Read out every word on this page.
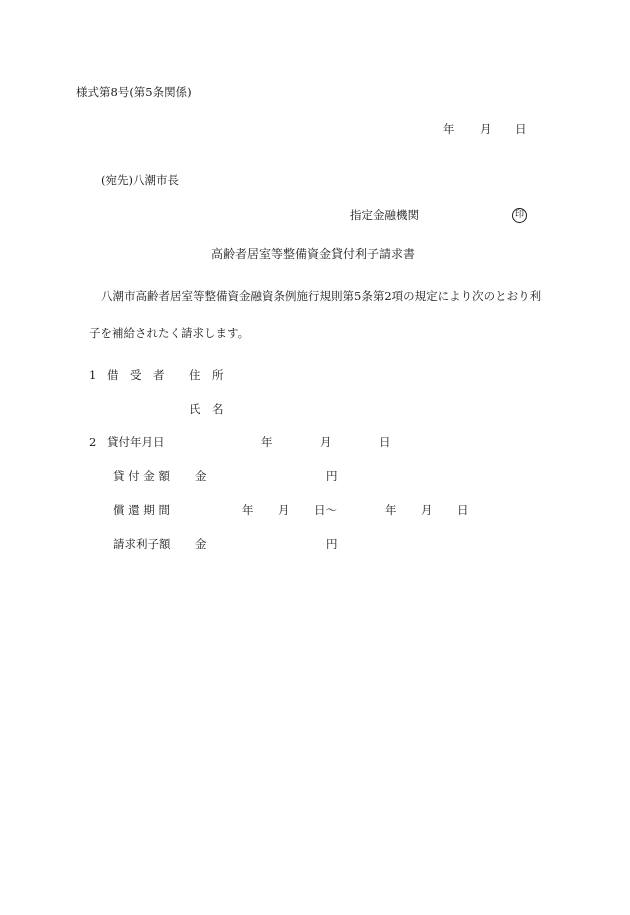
様式第8号(第5条関係)
年 月 日
(宛先)八潮市長
指定金融機関	印
高齢者居室等整備資金貸付利子請求書
八潮市高齢者居室等整備資金融資条例施行規則第5条第2項の規定により次のとおり利
子を補給されたく請求します。
1 借　受　者 住　所
氏　名
2 貸付年月日	年	月	日
貸 付 金 額 金	円
償 還 期 間	年 月 日〜	年 月 日
請求利子額 金	円
